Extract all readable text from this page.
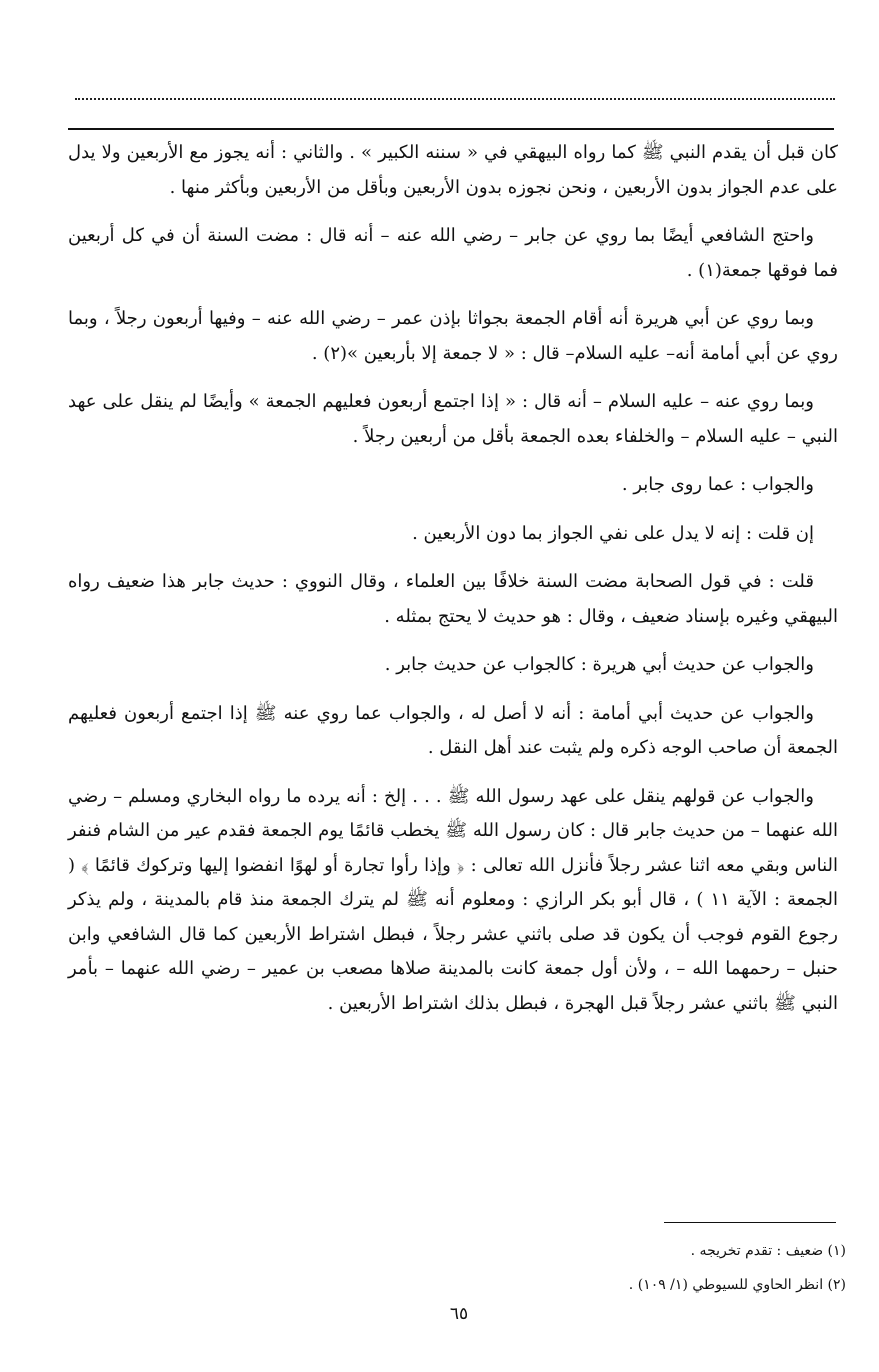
كان قبل أن يقدم النبي ﷺ كما رواه البيهقي في « سننه الكبير » . والثاني : أنه يجوز مع الأربعين ولا يدل على عدم الجواز بدون الأربعين ، ونحن نجوزه بدون الأربعين وبأقل من الأربعين وبأكثر منها .

واحتج الشافعي أيضًا بما روي عن جابر – رضي الله عنه – أنه قال : مضت السنة أن في كل أربعين فما فوقها جمعة(١) .

وبما روي عن أبي هريرة أنه أقام الجمعة بجواثا بإذن عمر – رضي الله عنه – وفيها أربعون رجلاً ، وبما روي عن أبي أمامة أنه– عليه السلام– قال : « لا جمعة إلا بأربعين »(٢) .

وبما روي عنه – عليه السلام – أنه قال : « إذا اجتمع أربعون فعليهم الجمعة » وأيضًا لم ينقل على عهد النبي – عليه السلام – والخلفاء بعده الجمعة بأقل من أربعين رجلاً .

والجواب : عما روى جابر .

إن قلت : إنه لا يدل على نفي الجواز بما دون الأربعين .

قلت : في قول الصحابة مضت السنة خلافًا بين العلماء ، وقال النووي : حديث جابر هذا ضعيف رواه البيهقي وغيره بإسناد ضعيف ، وقال : هو حديث لا يحتج بمثله .

والجواب عن حديث أبي هريرة : كالجواب عن حديث جابر .

والجواب عن حديث أبي أمامة : أنه لا أصل له ، والجواب عما روي عنه ﷺ إذا اجتمع أربعون فعليهم الجمعة أن صاحب الوجه ذكره ولم يثبت عند أهل النقل .

والجواب عن قولهم ينقل على عهد رسول الله ﷺ . . . إلخ : أنه يرده ما رواه البخاري ومسلم – رضي الله عنهما – من حديث جابر قال : كان رسول الله ﷺ يخطب قائمًا يوم الجمعة فقدم عير من الشام فنفر الناس وبقي معه اثنا عشر رجلاً فأنزل الله تعالى : ﴿ وإذا رأوا تجارة أو لهوًا انفضوا إليها وتركوك قائمًا ﴾ ( الجمعة : الآية ١١ ) ، قال أبو بكر الرازي : ومعلوم أنه ﷺ لم يترك الجمعة منذ قام بالمدينة ، ولم يذكر رجوع القوم فوجب أن يكون قد صلى باثني عشر رجلاً ، فبطل اشتراط الأربعين كما قال الشافعي وابن حنبل – رحمهما الله – ، ولأن أول جمعة كانت بالمدينة صلاها مصعب بن عمير – رضي الله عنهما – بأمر النبي ﷺ باثني عشر رجلاً قبل الهجرة ، فبطل بذلك اشتراط الأربعين .

(١) ضعيف : تقدم تخريجه .
(٢) انظر الحاوي للسيوطي (١/ ١٠٩) .
٦٥
